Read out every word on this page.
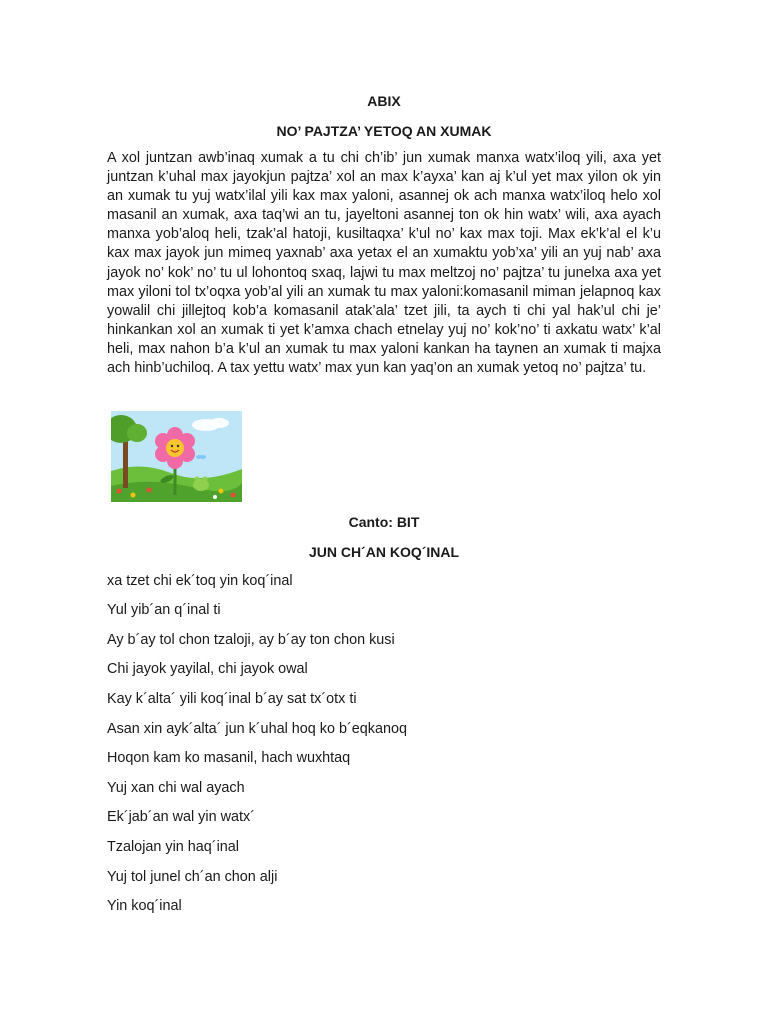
ABIX
NO’ PAJTZA’ YETOQ AN XUMAK
A xol juntzan awb’inaq xumak a tu chi ch’ib’ jun xumak manxa watx’iloq yili, axa yet juntzan k’uhal max jayokjun pajtza’ xol an max k’ayxa’ kan aj k’ul yet max yilon ok yin an xumak tu yuj watx’ilal yili kax max yaloni, asannej ok ach manxa watx’iloq helo xol masanil an xumak, axa taq’wi an tu, jayeltoni asannej ton ok hin watx’ wili, axa ayach manxa yob’aloq heli, tzak’al hatoji, kusiltaqxa’ k’ul no’ kax max toji. Max ek’k’al el k’u kax max jayok jun mimeq yaxnab’ axa yetax el an xumaktu yob’xa’ yili an yuj nab’ axa jayok no’ kok’ no’ tu ul lohontoq sxaq, lajwi tu max meltzoj no’ pajtza’ tu junelxa axa yet max yiloni tol tx’oqxa yob’al yili an xumak tu max yaloni:komasanil miman jelapnoq kax yowalil chi jillejtoq kob’a komasanil atak’ala’ tzet jili, ta aych ti chi yal hak’ul chi je’ hinkankan xol an xumak ti yet k’amxa chach etnelay yuj no’ kok’no’ ti axkatu watx’ k’al heli, max nahon b’a k’ul an xumak tu max yaloni kankan ha taynen an xumak ti majxa ach hinb’uchiloq. A tax yettu watx’ max yun kan yaq’on an xumak yetoq no’ pajtza’ tu.
Canto: BIT
JUN CH´AN KOQ´INAL
xa tzet chi ek´toq yin koq´inal
Yul yib´an q´inal ti
Ay b´ay tol chon tzaloji, ay b´ay ton chon kusi
Chi jayok yayilal, chi jayok owal
Kay k´alta´ yili koq´inal b´ay sat tx´otx ti
Asan xin ayk´alta´ jun k´uhal hoq ko b´eqkanoq
Hoqon kam ko masanil, hach wuxhtaq
Yuj xan chi wal ayach
Ek´jab´an wal yin watx´
Tzalojan yin haq´inal
Yuj tol junel ch´an chon alji
Yin koq´inal
